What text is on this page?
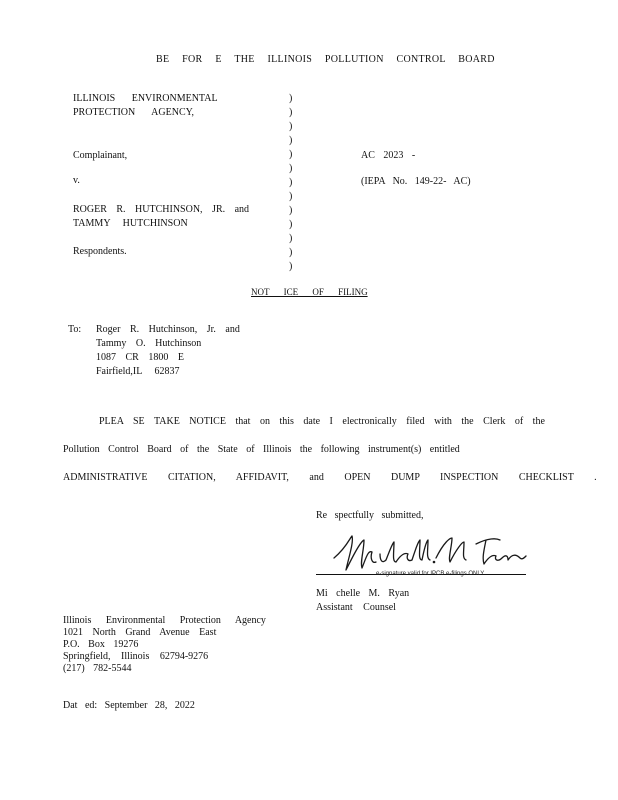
BE FOR E THE ILLINOIS POLLUTION CONTROL BOARD
ILLINOIS ENVIRONMENTAL
PROTECTION AGENCY,
Complainant,
v.
ROGER R. HUTCHINSON, JR. and
TAMMY HUTCHINSON
Respondents.
)
)
)
)
)
)
)
)
)
)
)
)
)
AC 2023 -
(IEPA No. 149-22- AC)
NOT ICE OF FILING
To: Roger R. Hutchinson, Jr. and
Tammy O. Hutchinson
1087 CR 1800 E
Fairfield,IL 62837
PLEA SE TAKE NOTICE that on this date I electronically filed with the Clerk of the
Pollution Control Board of the State of Illinois the following instrument(s) entitled
ADMINISTRATIVE CITATION, AFFIDAVIT, and OPEN DUMP INSPECTION CHECKLIST .
Re spectfully submitted,
e-signature valid for IPCB e-filings ONLY
Mi chelle M. Ryan
Assistant Counsel
Illinois Environmental Protection Agency
1021 North Grand Avenue East
P.O. Box 19276
Springfield, Illinois 62794-9276
(217) 782-5544
Dat ed: September 28, 2022
